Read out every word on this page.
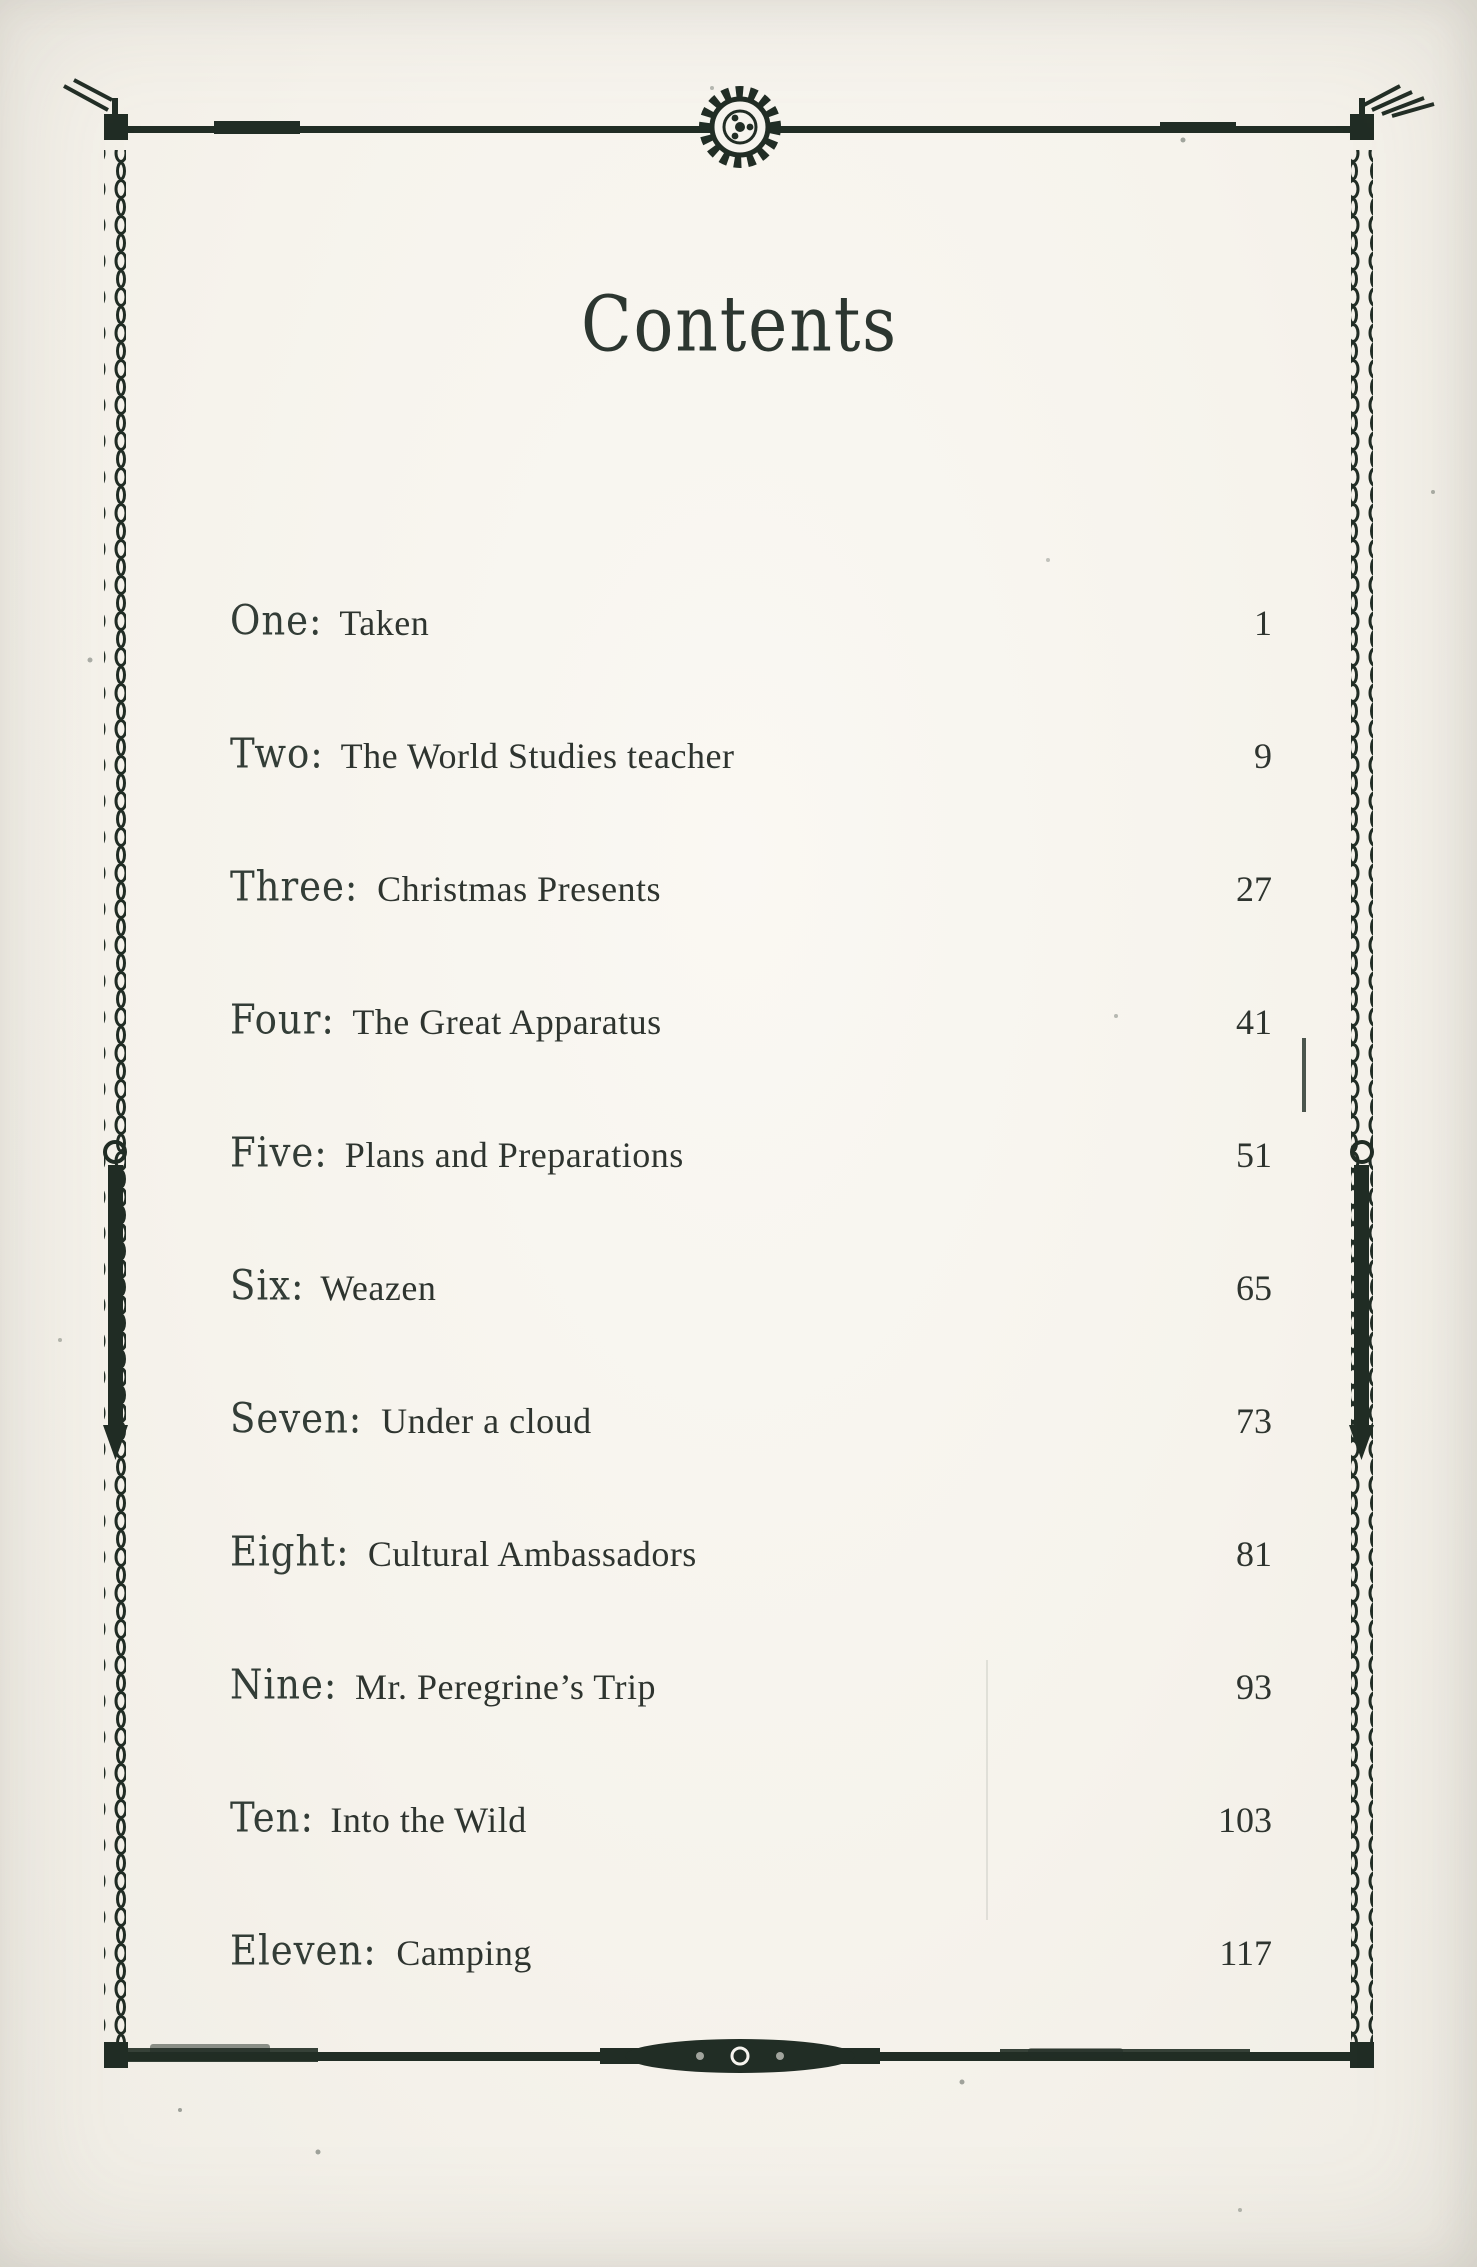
Contents
One: Taken	1
Two: The World Studies teacher	9
Three: Christmas Presents	27
Four: The Great Apparatus	41
Five: Plans and Preparations	51
Six: Weazen	65
Seven: Under a cloud	73
Eight: Cultural Ambassadors	81
Nine: Mr. Peregrine’s Trip	93
Ten: Into the Wild	103
Eleven: Camping	117
